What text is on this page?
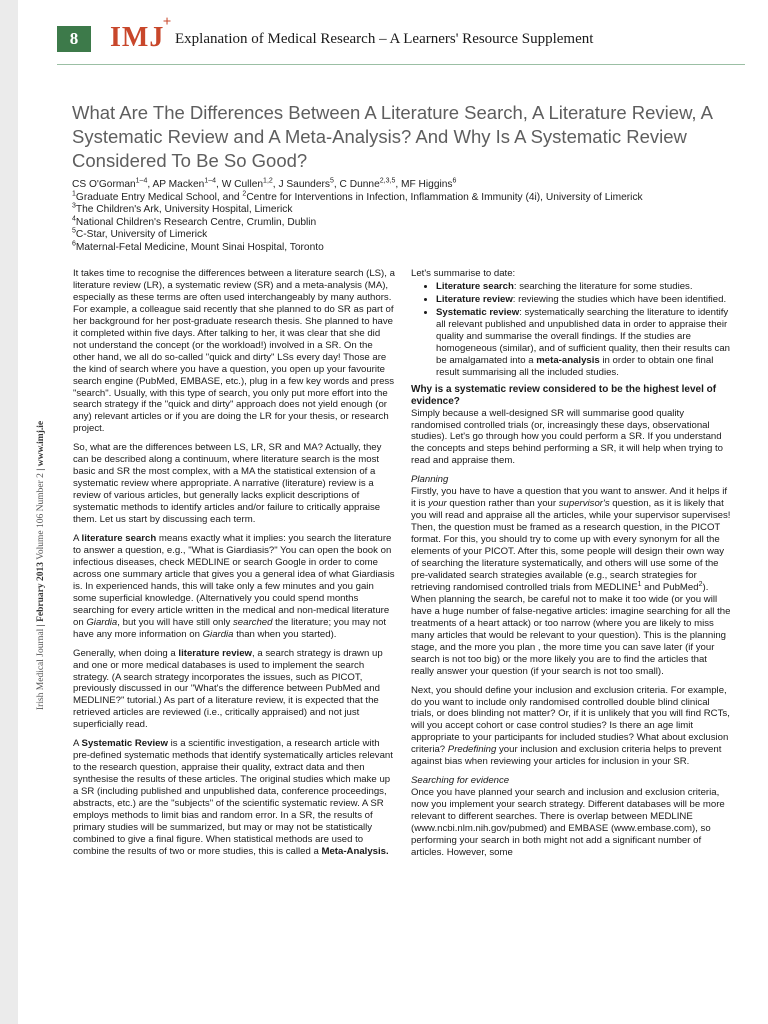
8	IMJ
+
Explanation of Medical Research – A Learners' Resource Supplement
Irish Medical Journal | February 2013 Volume 106 Number 2 | www.imj.ie
What Are The Differences Between A Literature Search, A Literature Review, A Systematic Review and A Meta-Analysis? And Why Is A Systematic Review Considered To Be So Good?
CS O'Gorman$^{1-4}$, AP Macken$^{1-4}$, W Cullen$^{1,2}$, J Saunders$^5$, C Dunne$^{2,3,5}$, MF Higgins$^6$
$^1$Graduate Entry Medical School, and $^2$Centre for Interventions in Infection, Inflammation & Immunity (4i), University of Limerick
$^3$The Children's Ark, University Hospital, Limerick
$^4$National Children's Research Centre, Crumlin, Dublin
$^5$C-Star, University of Limerick
$^6$Maternal-Fetal Medicine, Mount Sinai Hospital, Toronto

It takes time to recognise the differences between a literature search (LS), a literature review (LR), a systematic review (SR) and a meta-analysis (MA), especially as these terms are often used interchangeably by many authors. For example, a colleague said recently that she planned to do SR as part of her background for her post-graduate research thesis. She planned to have it completed within five days. After talking to her, it was clear that she did not understand the concept (or the workload!) involved in a SR. On the other hand, we all do so-called "quick and dirty" LSs every day! Those are the kind of search where you have a question, you open up your favourite search engine (PubMed, EMBASE, etc.), plug in a few key words and press "search". Usually, with this type of search, you only put more effort into the search strategy if the "quick and dirty" approach does not yield enough (or any) relevant articles or if you are doing the LR for your thesis, or research project.

So, what are the differences between LS, LR, SR and MA? Actually, they can be described along a continuum, where literature search is the most basic and SR the most complex, with a MA the statistical extension of a systematic review where appropriate. A narrative (literature) review is a review of various articles, but generally lacks explicit descriptions of systematic methods to identify articles and/or failure to critically appraise them. Let us start by discussing each term.

A literature search means exactly what it implies: you search the literature to answer a question, e.g., "What is Giardiasis?" You can open the book on infectious diseases, check MEDLINE or search Google in order to come across one summary article that gives you a general idea of what Giardiasis is. In experienced hands, this will take only a few minutes and you gain some superficial knowledge. (Alternatively you could spend months searching for every article written in the medical and non-medical literature on Giardia, but you will have still only searched the literature; you may not have any more information on Giardia than when you started).

Generally, when doing a literature review, a search strategy is drawn up and one or more medical databases is used to implement the search strategy. (A search strategy incorporates the issues, such as PICOT, previously discussed in our "What's the difference between PubMed and MEDLINE?" tutorial.) As part of a literature review, it is expected that the retrieved articles are reviewed (i.e., critically appraised) and not just superficially read.

A Systematic Review is a scientific investigation, a research article with pre-defined systematic methods that identify systematically articles relevant to the research question, appraise their quality, extract data and then synthesise the results of these articles. The original studies which make up a SR (including published and unpublished data, conference proceedings, abstracts, etc.) are the "subjects" of the scientific systematic review. A SR employs methods to limit bias and random error. In a SR, the results of primary studies will be summarized, but may or may not be statistically combined to give a final figure. When statistical methods are used to combine the results of two or more studies, this is called a Meta-Analysis.

Let's summarise to date:

• Literature search: searching the literature for some studies.
• Literature review: reviewing the studies which have been identified.
• Systematic review: systematically searching the literature to identify all relevant published and unpublished data in order to appraise their quality and summarise the overall findings. If the studies are homogeneous (similar), and of sufficient quality, then their results can be amalgamated into a meta-analysis in order to obtain one final result summarising all the included studies.
Why is a systematic review considered to be the highest level of evidence?

Simply because a well-designed SR will summarise good quality randomised controlled trials (or, increasingly these days, observational studies). Let's go through how you could perform a SR. If you understand the concepts and steps behind performing a SR, it will help when trying to read and appraise them.

Planning

Firstly, you have to have a question that you want to answer. And it helps if it is your question rather than your supervisor's question, as it is likely that you will read and appraise all the articles, while your supervisor supervises! Then, the question must be framed as a research question, in the PICOT format. For this, you should try to come up with every synonym for all the elements of your PICOT. After this, some people will design their own way of searching the literature systematically, and others will use some of the pre-validated search strategies available (e.g., search strategies for retrieving randomised controlled trials from MEDLINE$^1$ and PubMed$^2$). When planning the search, be careful not to make it too wide (or you will have a huge number of false-negative articles: imagine searching for all the treatments of a heart attack) or too narrow (where you are likely to miss many articles that would be relevant to your question). This is the planning stage, and the more you plan , the more time you can save later (if your search is not too big) or the more likely you are to find the articles that really answer your question (if your search is not too small).

Next, you should define your inclusion and exclusion criteria. For example, do you want to include only randomised controlled double blind clinical trials, or does blinding not matter? Or, if it is unlikely that you will find RCTs, will you accept cohort or case control studies? Is there an age limit appropriate to your participants for included studies? What about exclusion criteria? Predefining your inclusion and exclusion criteria helps to prevent against bias when reviewing your articles for inclusion in your SR.

Searching for evidence

Once you have planned your search and inclusion and exclusion criteria, now you implement your search strategy. Different databases will be more relevant to different searches. There is overlap between MEDLINE (www.ncbi.nlm.nih.gov/pubmed) and EMBASE (www.embase.com), so performing your search in both might not add a significant number of articles. However, some
